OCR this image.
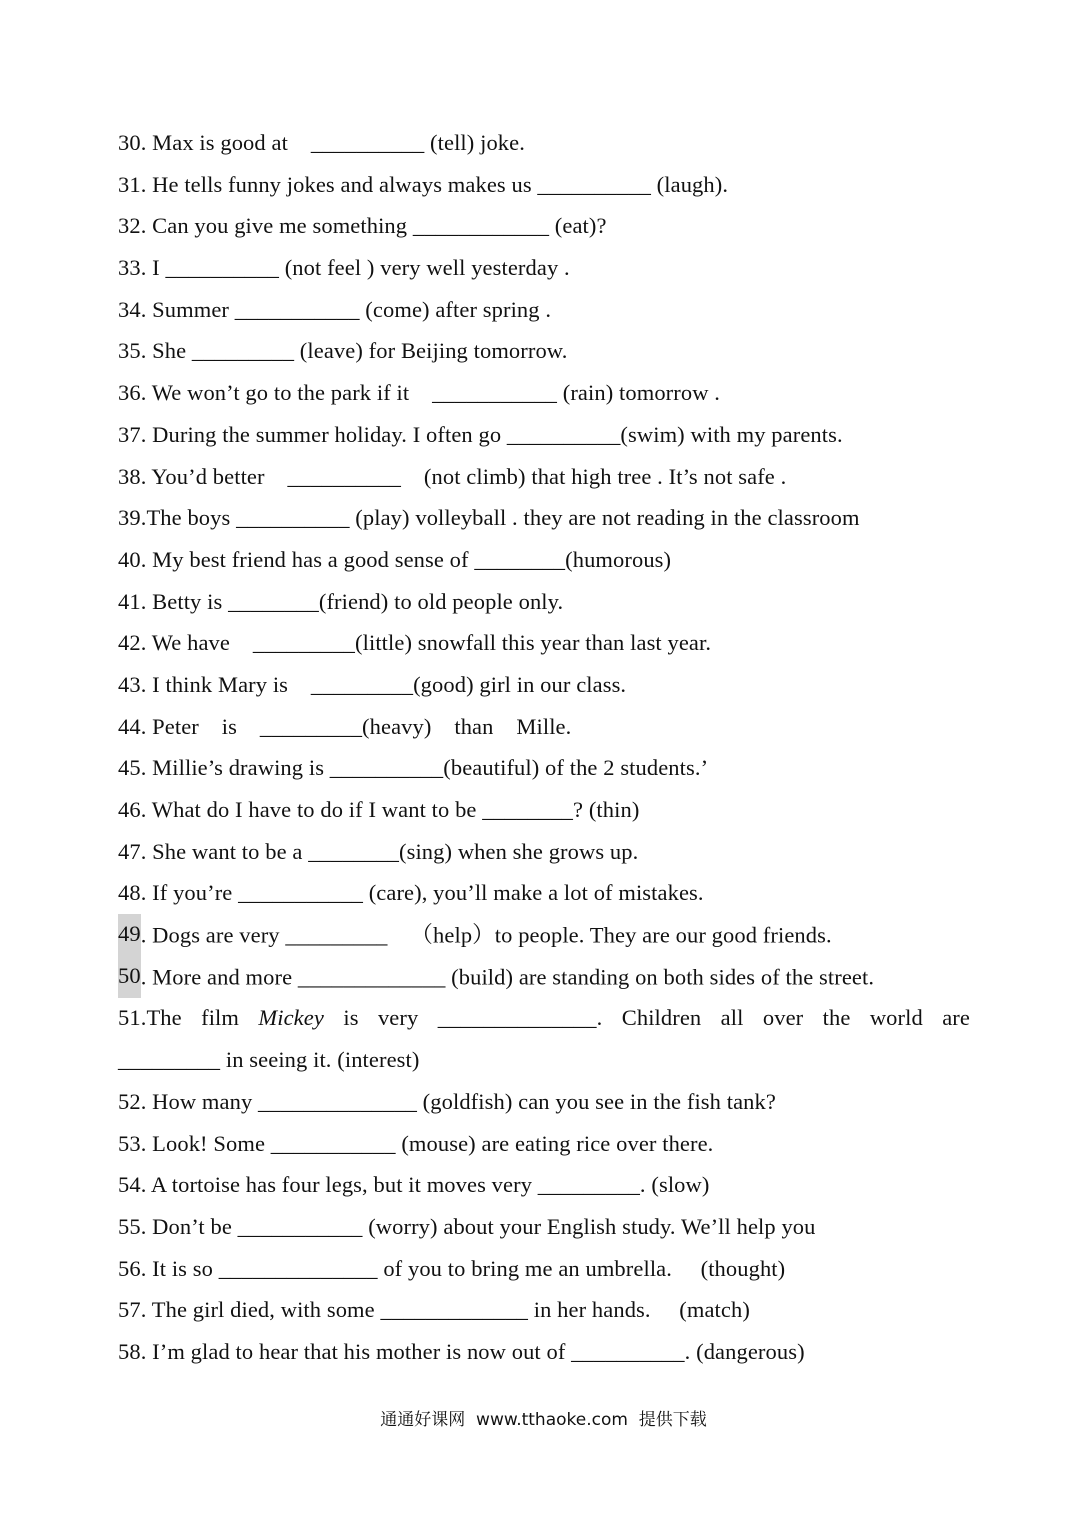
30. Max is good at    __________ (tell) joke.
31. He tells funny jokes and always makes us __________ (laugh).
32. Can you give me something ____________ (eat)?
33. I __________ (not feel ) very well yesterday .
34. Summer ___________ (come) after spring .
35. She _________ (leave) for Beijing tomorrow.
36. We won’t go to the park if it    ___________ (rain) tomorrow .
37. During the summer holiday. I often go __________(swim) with my parents.
38. You’d better    __________    (not climb) that high tree . It’s not safe .
39.The boys __________ (play) volleyball . they are not reading in the classroom
40. My best friend has a good sense of ________(humorous)
41. Betty is ________(friend) to old people only.
42. We have    _________(little) snowfall this year than last year.
43. I think Mary is    _________(good) girl in our class.
44. Peter    is    _________(heavy)    than    Mille.
45. Millie’s drawing is __________(beautiful) of the 2 students.’
46. What do I have to do if I want to be ________? (thin)
47. She want to be a ________(sing) when she grows up.
48. If you’re ___________ (care), you’ll make a lot of mistakes.
49. Dogs are very _________    （help）to people. They are our good friends.
50. More and more _____________ (build) are standing on both sides of the street.
51.The film Mickey is very ______________. Children all over the world are
_________ in seeing it. (interest)
52. How many ______________ (goldfish) can you see in the fish tank?
53. Look! Some ___________ (mouse) are eating rice over there.
54. A tortoise has four legs, but it moves very _________. (slow)
55. Don’t be ___________ (worry) about your English study. We’ll help you
56. It is so ______________ of you to bring me an umbrella.     (thought)
57. The girl died, with some _____________ in her hands.     (match)
58. I’m glad to hear that his mother is now out of __________. (dangerous)
通通好课网  www.tthaoke.com  提供下载
